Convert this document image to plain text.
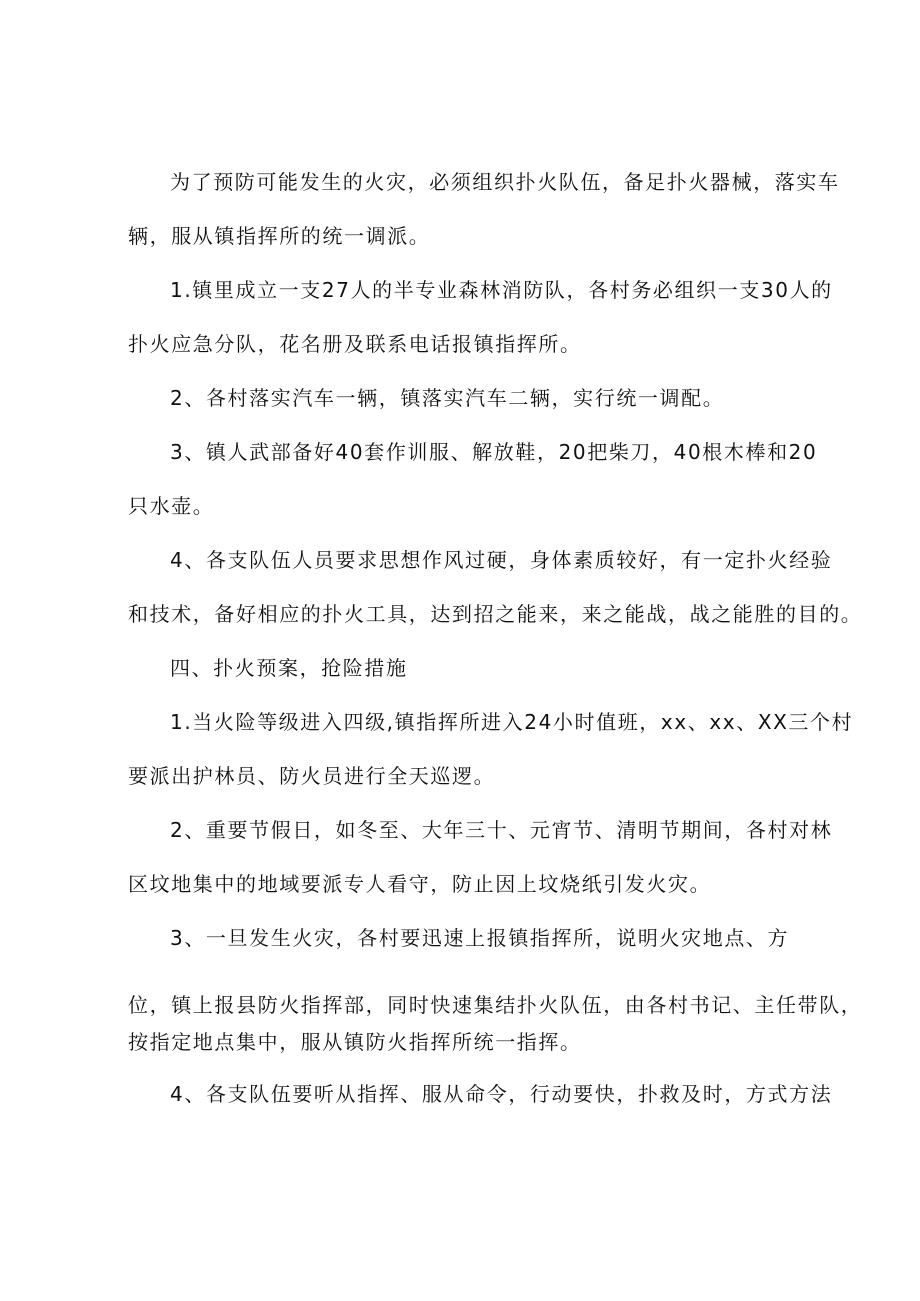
为了预防可能发生的火灾，必须组织扑火队伍，备足扑火器械，落实车
辆，服从镇指挥所的统一调派。
1.镇里成立一支27人的半专业森林消防队，各村务必组织一支30人的
扑火应急分队，花名册及联系电话报镇指挥所。
2、各村落实汽车一辆，镇落实汽车二辆，实行统一调配。
3、镇人武部备好40套作训服、解放鞋，20把柴刀，40根木棒和20
只水壶。
4、各支队伍人员要求思想作风过硬，身体素质较好，有一定扑火经验
和技术，备好相应的扑火工具，达到招之能来，来之能战，战之能胜的目的。
四、扑火预案，抢险措施
1.当火险等级进入四级,镇指挥所进入24小时值班，xx、xx、XX三个村
要派出护林员、防火员进行全天巡逻。
2、重要节假日，如冬至、大年三十、元宵节、清明节期间，各村对林
区坟地集中的地域要派专人看守，防止因上坟烧纸引发火灾。
3、一旦发生火灾，各村要迅速上报镇指挥所，说明火灾地点、方
位，镇上报县防火指挥部，同时快速集结扑火队伍，由各村书记、主任带队，
按指定地点集中，服从镇防火指挥所统一指挥。
4、各支队伍要听从指挥、服从命令，行动要快，扑救及时，方式方法
